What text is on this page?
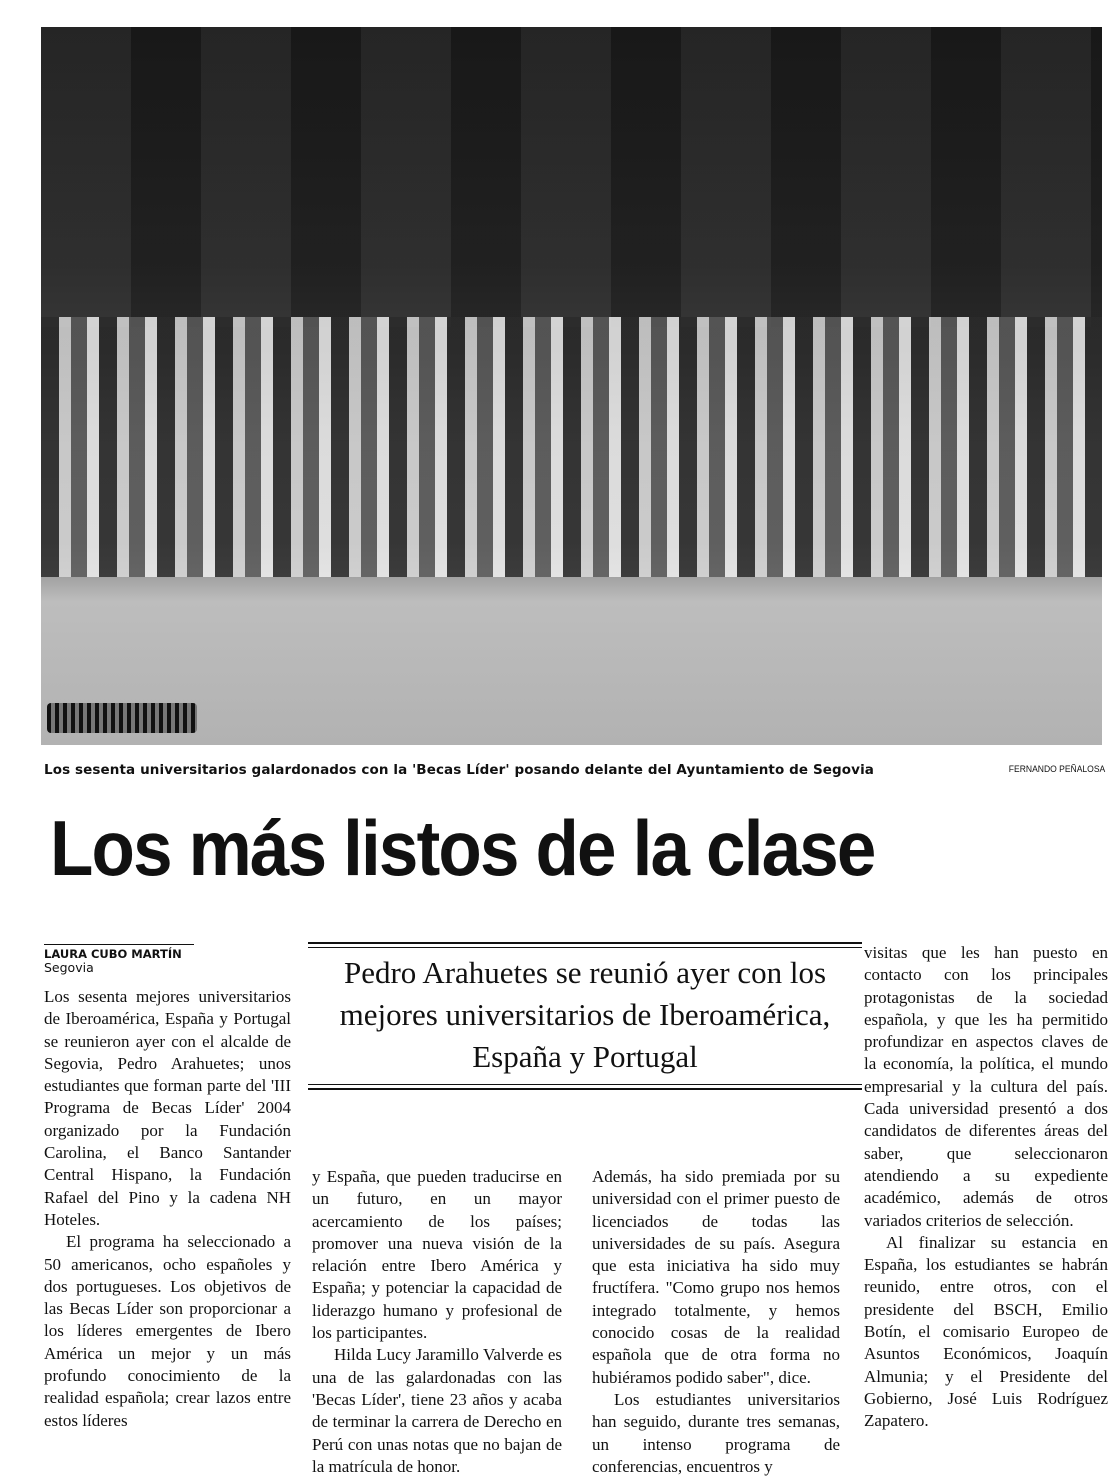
Los sesenta universitarios galardonados con la 'Becas Líder' posando delante del Ayuntamiento de Segovia	FERNANDO PEÑALOSA
Los más listos de la clase
LAURA CUBO MARTÍN
Segovia

Los sesenta mejores universitarios de Iberoamérica, España y Portugal se reunieron ayer con el alcalde de Segovia, Pedro Arahuetes; unos estudiantes que forman parte del 'III Programa de Becas Líder' 2004 organizado por la Fundación Carolina, el Banco Santander Central Hispano, la Fundación Rafael del Pino y la cadena NH Hoteles.

El programa ha seleccionado a 50 americanos, ocho españoles y dos portugueses. Los objetivos de las Becas Líder son proporcionar a los líderes emergentes de Ibero América un mejor y un más profundo conocimiento de la realidad española; crear lazos entre estos líderes

Pedro Arahuetes se reunió ayer con los mejores universitarios de Iberoamérica, España y Portugal

y España, que pueden traducirse en un futuro, en un mayor acercamiento de los países; promover una nueva visión de la relación entre Ibero América y España; y potenciar la capacidad de liderazgo humano y profesional de los participantes.

Hilda Lucy Jaramillo Valverde es una de las galardonadas con las 'Becas Líder', tiene 23 años y acaba de terminar la carrera de Derecho en Perú con unas notas que no bajan de la matrícula de honor.

Además, ha sido premiada por su universidad con el primer puesto de licenciados de todas las universidades de su país. Asegura que esta iniciativa ha sido muy fructífera. "Como grupo nos hemos integrado totalmente, y hemos conocido cosas de la realidad española que de otra forma no hubiéramos podido saber", dice.

Los estudiantes universitarios han seguido, durante tres semanas, un intenso programa de conferencias, encuentros y

visitas que les han puesto en contacto con los principales protagonistas de la sociedad española, y que les ha permitido profundizar en aspectos claves de la economía, la política, el mundo empresarial y la cultura del país. Cada universidad presentó a dos candidatos de diferentes áreas del saber, que seleccionaron atendiendo a su expediente académico, además de otros variados criterios de selección.

Al finalizar su estancia en España, los estudiantes se habrán reunido, entre otros, con el presidente del BSCH, Emilio Botín, el comisario Europeo de Asuntos Económicos, Joaquín Almunia; y el Presidente del Gobierno, José Luis Rodríguez Zapatero.
